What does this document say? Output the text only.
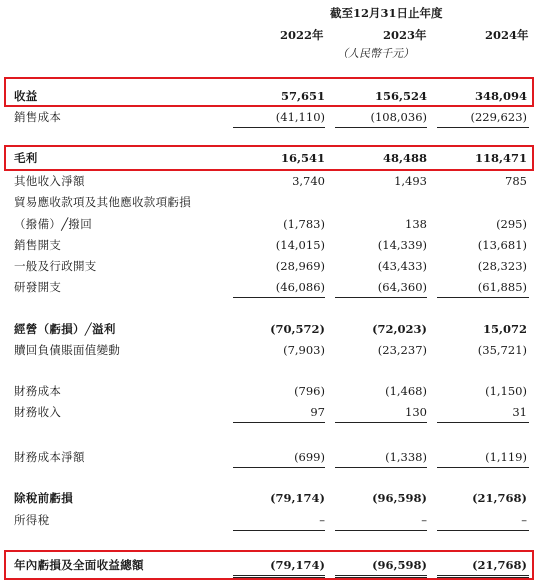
截至12月31日止年度
2022年	2023年	2024年
（人民幣千元）
收益	57,651	156,524	348,094
銷售成本	(41,110)	(108,036)	(229,623)
毛利	16,541	48,488	118,471
其他收入淨額	3,740	1,493	785
貿易應收款項及其他應收款項虧損
（撥備）╱撥回	(1,783)	138	(295)
銷售開支	(14,015)	(14,339)	(13,681)
一般及行政開支	(28,969)	(43,433)	(28,323)
研發開支	(46,086)	(64,360)	(61,885)
經營（虧損）╱溢利	(70,572)	(72,023)	15,072
贖回負債賬面值變動	(7,903)	(23,237)	(35,721)
財務成本	(796)	(1,468)	(1,150)
財務收入	97	130	31
財務成本淨額	(699)	(1,338)	(1,119)
除稅前虧損	(79,174)	(96,598)	(21,768)
所得稅	–	–	–
年內虧損及全面收益總額	(79,174)	(96,598)	(21,768)
